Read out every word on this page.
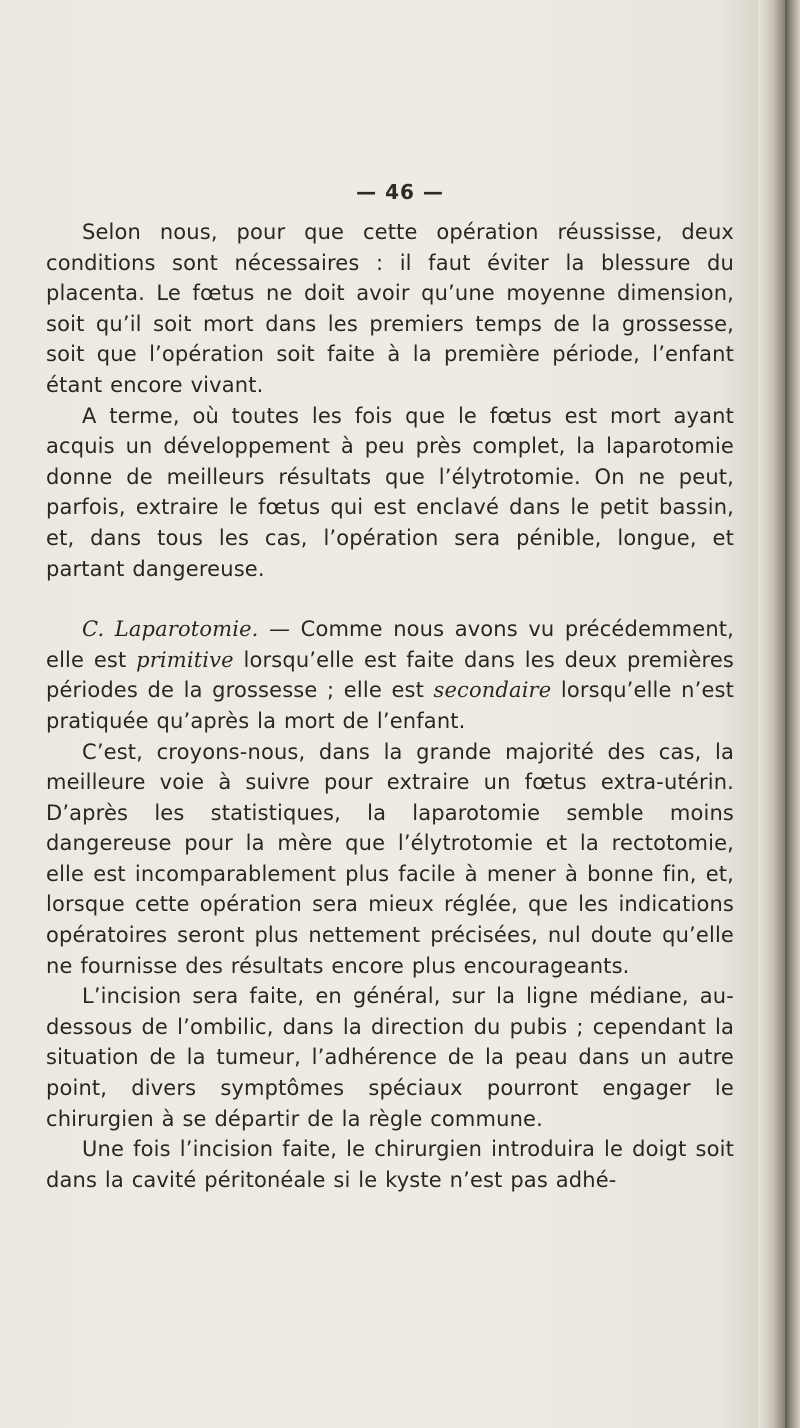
— 46 —

Selon nous, pour que cette opération réussisse, deux conditions sont nécessaires : il faut éviter la blessure du placenta. Le fœtus ne doit avoir qu’une moyenne dimension, soit qu’il soit mort dans les premiers temps de la grossesse, soit que l’opération soit faite à la première période, l’enfant étant encore vivant.

A terme, où toutes les fois que le fœtus est mort ayant acquis un développement à peu près complet, la laparotomie donne de meilleurs résultats que l’élytrotomie. On ne peut, parfois, extraire le fœtus qui est enclavé dans le petit bassin, et, dans tous les cas, l’opération sera pénible, longue, et partant dangereuse.

C. Laparotomie. — Comme nous avons vu précédemment, elle est primitive lorsqu’elle est faite dans les deux premières périodes de la grossesse ; elle est secondaire lorsqu’elle n’est pratiquée qu’après la mort de l’enfant.

C’est, croyons-nous, dans la grande majorité des cas, la meilleure voie à suivre pour extraire un fœtus extra-utérin. D’après les statistiques, la laparotomie semble moins dangereuse pour la mère que l’élytrotomie et la rectotomie, elle est incomparablement plus facile à mener à bonne fin, et, lorsque cette opération sera mieux réglée, que les indications opératoires seront plus nettement précisées, nul doute qu’elle ne fournisse des résultats encore plus encourageants.

L’incision sera faite, en général, sur la ligne médiane, au-dessous de l’ombilic, dans la direction du pubis ; cependant la situation de la tumeur, l’adhérence de la peau dans un autre point, divers symptômes spéciaux pourront engager le chirurgien à se départir de la règle commune.

Une fois l’incision faite, le chirurgien introduira le doigt soit dans la cavité péritonéale si le kyste n’est pas adhé-
